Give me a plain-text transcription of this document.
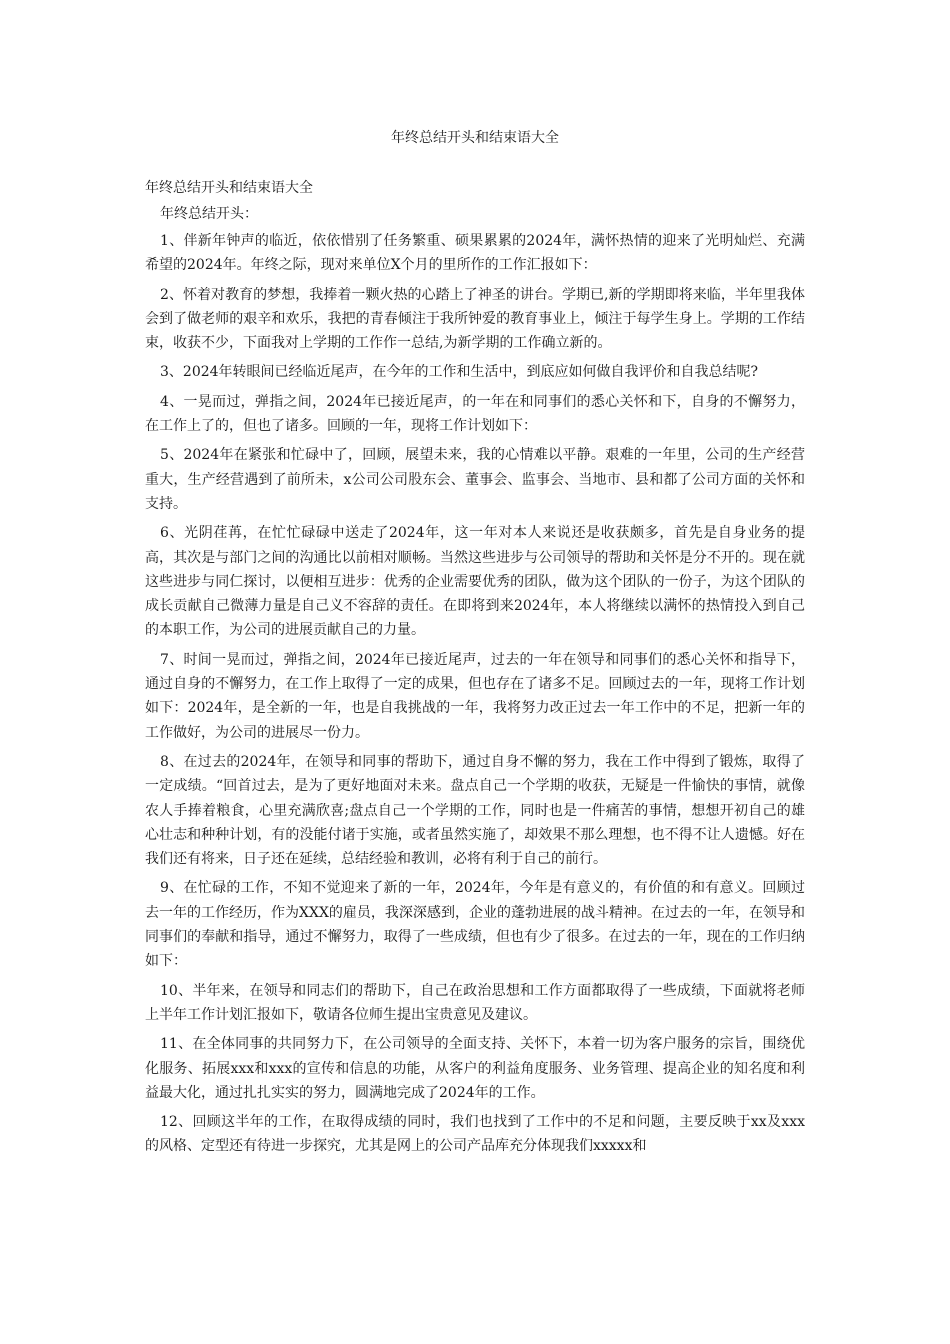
年终总结开头和结束语大全

年终总结开头和结束语大全

年终总结开头：

1、伴新年钟声的临近，依依惜别了任务繁重、硕果累累的2024年，满怀热情的迎来了光明灿烂、充满希望的2024年。年终之际，现对来单位X个月的里所作的工作汇报如下：

2、怀着对教育的梦想，我捧着一颗火热的心踏上了神圣的讲台。学期已,新的学期即将来临，半年里我体会到了做老师的艰辛和欢乐，我把的青春倾注于我所钟爱的教育事业上，倾注于每学生身上。学期的工作结束，收获不少，下面我对上学期的工作作一总结,为新学期的工作确立新的。

3、2024年转眼间已经临近尾声，在今年的工作和生活中，到底应如何做自我评价和自我总结呢?

4、一晃而过，弹指之间，2024年已接近尾声，的一年在和同事们的悉心关怀和下，自身的不懈努力，在工作上了的，但也了诸多。回顾的一年，现将工作计划如下：

5、2024年在紧张和忙碌中了，回顾，展望未来，我的心情难以平静。艰难的一年里，公司的生产经营重大，生产经营遇到了前所未，x公司公司股东会、董事会、监事会、当地市、县和都了公司方面的关怀和支持。

6、光阴荏苒，在忙忙碌碌中送走了2024年，这一年对本人来说还是收获颇多，首先是自身业务的提高，其次是与部门之间的沟通比以前相对顺畅。当然这些进步与公司领导的帮助和关怀是分不开的。现在就这些进步与同仁探讨，以便相互进步：优秀的企业需要优秀的团队，做为这个团队的一份子，为这个团队的成长贡献自己微薄力量是自己义不容辞的责任。在即将到来2024年，本人将继续以满怀的热情投入到自己的本职工作，为公司的进展贡献自己的力量。

7、时间一晃而过，弹指之间，2024年已接近尾声，过去的一年在领导和同事们的悉心关怀和指导下，通过自身的不懈努力，在工作上取得了一定的成果，但也存在了诸多不足。回顾过去的一年，现将工作计划如下：2024年，是全新的一年，也是自我挑战的一年，我将努力改正过去一年工作中的不足，把新一年的工作做好，为公司的进展尽一份力。

8、在过去的2024年，在领导和同事的帮助下，通过自身不懈的努力，我在工作中得到了锻炼，取得了一定成绩。“回首过去，是为了更好地面对未来。盘点自己一个学期的收获，无疑是一件愉快的事情，就像农人手捧着粮食，心里充满欣喜;盘点自己一个学期的工作，同时也是一件痛苦的事情，想想开初自己的雄心壮志和种种计划，有的没能付诸于实施，或者虽然实施了，却效果不那么理想，也不得不让人遗憾。好在我们还有将来，日子还在延续，总结经验和教训，必将有利于自己的前行。

9、在忙碌的工作，不知不觉迎来了新的一年，2024年，今年是有意义的，有价值的和有意义。回顾过去一年的工作经历，作为XXX的雇员，我深深感到，企业的蓬勃进展的战斗精神。在过去的一年，在领导和同事们的奉献和指导，通过不懈努力，取得了一些成绩，但也有少了很多。在过去的一年，现在的工作归纳如下：

10、半年来，在领导和同志们的帮助下，自己在政治思想和工作方面都取得了一些成绩，下面就将老师上半年工作计划汇报如下，敬请各位师生提出宝贵意见及建议。

11、在全体同事的共同努力下，在公司领导的全面支持、关怀下，本着一切为客户服务的宗旨，围绕优化服务、拓展xxx和xxx的宣传和信息的功能，从客户的利益角度服务、业务管理、提高企业的知名度和利益最大化，通过扎扎实实的努力，圆满地完成了2024年的工作。

12、回顾这半年的工作，在取得成绩的同时，我们也找到了工作中的不足和问题，主要反映于xx及xxx的风格、定型还有待进一步探究，尤其是网上的公司产品库充分体现我们xxxxx和
